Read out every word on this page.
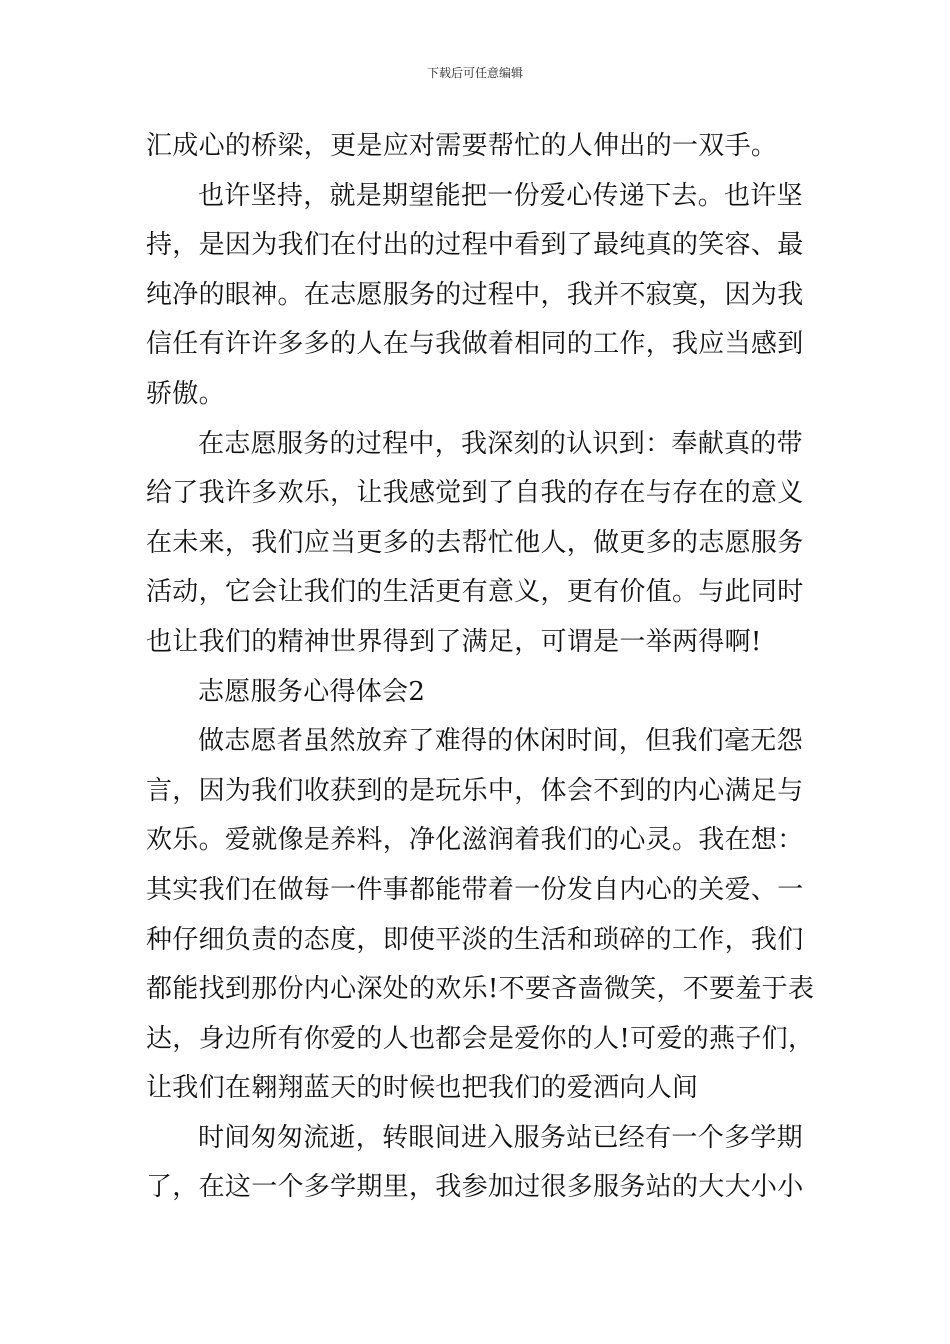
下载后可任意编辑
汇成心的桥梁，更是应对需要帮忙的人伸出的一双手。
也许坚持，就是期望能把一份爱心传递下去。也许坚
持，是因为我们在付出的过程中看到了最纯真的笑容、最
纯净的眼神。在志愿服务的过程中，我并不寂寞，因为我
信任有许许多多的人在与我做着相同的工作，我应当感到
骄傲。
在志愿服务的过程中，我深刻的认识到：奉献真的带
给了我许多欢乐，让我感觉到了自我的存在与存在的意义
在未来，我们应当更多的去帮忙他人，做更多的志愿服务
活动，它会让我们的生活更有意义，更有价值。与此同时
也让我们的精神世界得到了满足，可谓是一举两得啊!
志愿服务心得体会2
做志愿者虽然放弃了难得的休闲时间，但我们毫无怨
言，因为我们收获到的是玩乐中，体会不到的内心满足与
欢乐。爱就像是养料，净化滋润着我们的心灵。我在想：
其实我们在做每一件事都能带着一份发自内心的关爱、一
种仔细负责的态度，即使平淡的生活和琐碎的工作，我们
都能找到那份内心深处的欢乐!不要吝啬微笑，不要羞于表
达，身边所有你爱的人也都会是爱你的人!可爱的燕子们，
让我们在翱翔蓝天的时候也把我们的爱洒向人间
时间匆匆流逝，转眼间进入服务站已经有一个多学期
了，在这一个多学期里，我参加过很多服务站的大大小小
